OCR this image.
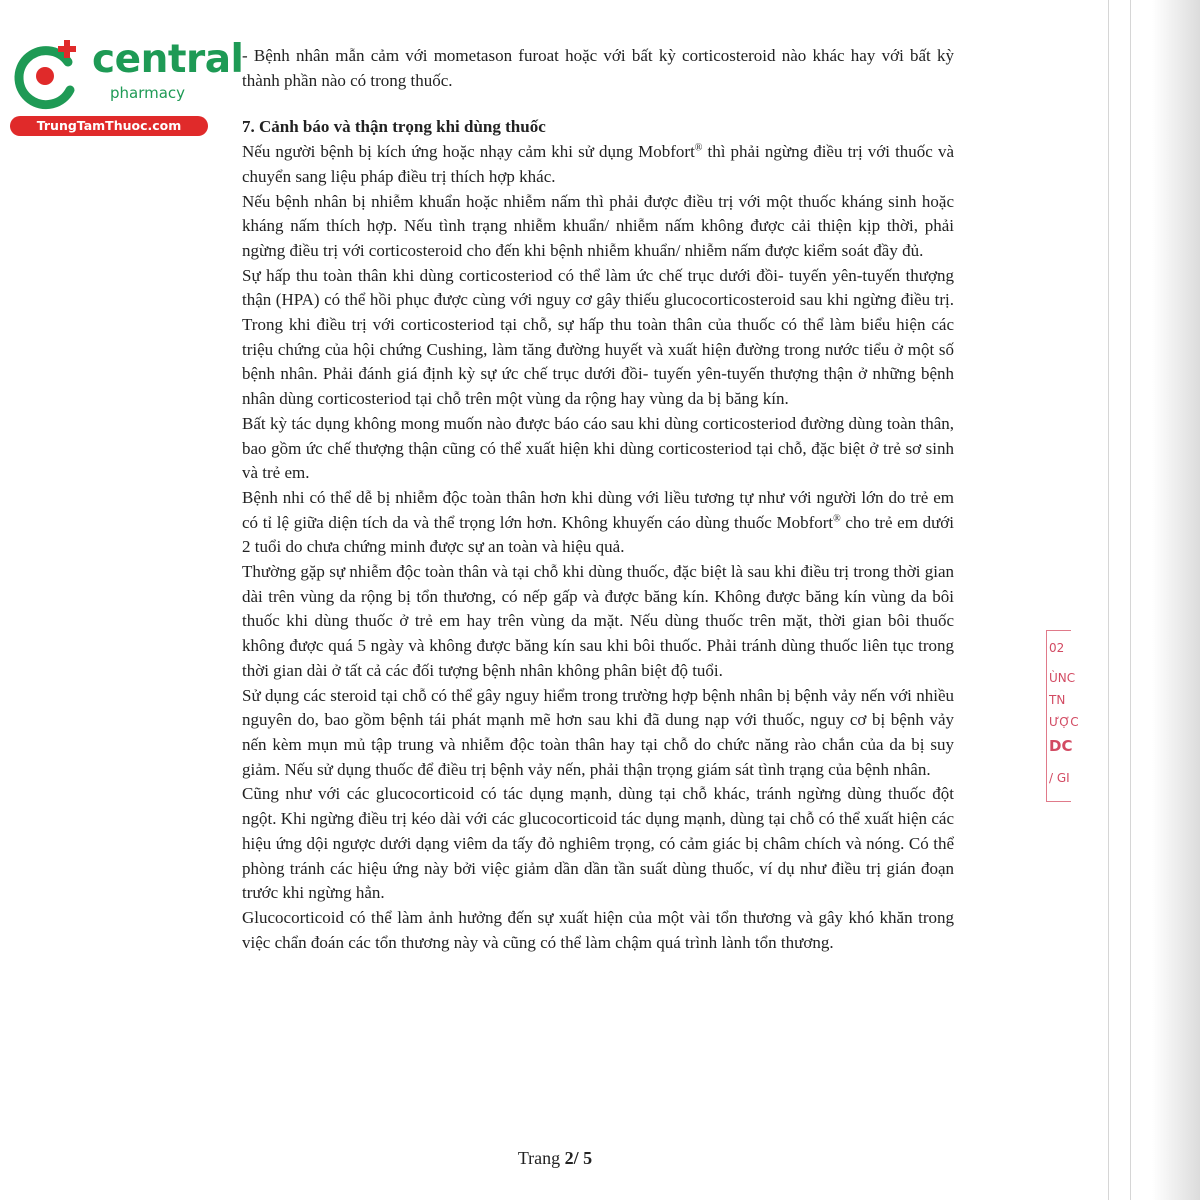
central
pharmacy
TrungTamThuoc.com

- Bệnh nhân mẫn cảm với mometason furoat hoặc với bất kỳ corticosteroid nào khác hay với bất kỳ thành phần nào có trong thuốc.

7. Cảnh báo và thận trọng khi dùng thuốc

Nếu người bệnh bị kích ứng hoặc nhạy cảm khi sử dụng Mobfort® thì phải ngừng điều trị với thuốc và chuyển sang liệu pháp điều trị thích hợp khác.

Nếu bệnh nhân bị nhiễm khuẩn hoặc nhiễm nấm thì phải được điều trị với một thuốc kháng sinh hoặc kháng nấm thích hợp. Nếu tình trạng nhiễm khuẩn/ nhiễm nấm không được cải thiện kịp thời, phải ngừng điều trị với corticosteroid cho đến khi bệnh nhiễm khuẩn/ nhiễm nấm được kiểm soát đầy đủ.

Sự hấp thu toàn thân khi dùng corticosteriod có thể làm ức chế trục dưới đồi- tuyến yên-tuyến thượng thận (HPA) có thể hồi phục được cùng với nguy cơ gây thiếu glucocorticosteroid sau khi ngừng điều trị. Trong khi điều trị với corticosteriod tại chỗ, sự hấp thu toàn thân của thuốc có thể làm biểu hiện các triệu chứng của hội chứng Cushing, làm tăng đường huyết và xuất hiện đường trong nước tiểu ở một số bệnh nhân. Phải đánh giá định kỳ sự ức chế trục dưới đồi- tuyến yên-tuyến thượng thận ở những bệnh nhân dùng corticosteriod tại chỗ trên một vùng da rộng hay vùng da bị băng kín.

Bất kỳ tác dụng không mong muốn nào được báo cáo sau khi dùng corticosteriod đường dùng toàn thân, bao gồm ức chế thượng thận cũng có thể xuất hiện khi dùng corticosteriod tại chỗ, đặc biệt ở trẻ sơ sinh và trẻ em.

Bệnh nhi có thể dễ bị nhiễm độc toàn thân hơn khi dùng với liều tương tự như với người lớn do trẻ em có tỉ lệ giữa diện tích da và thể trọng lớn hơn. Không khuyến cáo dùng thuốc Mobfort® cho trẻ em dưới 2 tuổi do chưa chứng minh được sự an toàn và hiệu quả.

Thường gặp sự nhiễm độc toàn thân và tại chỗ khi dùng thuốc, đặc biệt là sau khi điều trị trong thời gian dài trên vùng da rộng bị tổn thương, có nếp gấp và được băng kín. Không được băng kín vùng da bôi thuốc khi dùng thuốc ở trẻ em hay trên vùng da mặt. Nếu dùng thuốc trên mặt, thời gian bôi thuốc không được quá 5 ngày và không được băng kín sau khi bôi thuốc. Phải tránh dùng thuốc liên tục trong thời gian dài ở tất cả các đối tượng bệnh nhân không phân biệt độ tuổi.

Sử dụng các steroid tại chỗ có thể gây nguy hiểm trong trường hợp bệnh nhân bị bệnh vảy nến với nhiều nguyên do, bao gồm bệnh tái phát mạnh mẽ hơn sau khi đã dung nạp với thuốc, nguy cơ bị bệnh vảy nến kèm mụn mủ tập trung và nhiễm độc toàn thân hay tại chỗ do chức năng rào chắn của da bị suy giảm. Nếu sử dụng thuốc để điều trị bệnh vảy nến, phải thận trọng giám sát tình trạng của bệnh nhân.

Cũng như với các glucocorticoid có tác dụng mạnh, dùng tại chỗ khác, tránh ngừng dùng thuốc đột ngột. Khi ngừng điều trị kéo dài với các glucocorticoid tác dụng mạnh, dùng tại chỗ có thể xuất hiện các hiệu ứng dội ngược dưới dạng viêm da tấy đỏ nghiêm trọng, có cảm giác bị châm chích và nóng. Có thể phòng tránh các hiệu ứng này bởi việc giảm dần dần tần suất dùng thuốc, ví dụ như điều trị gián đoạn trước khi ngừng hẳn.

Glucocorticoid có thể làm ảnh hưởng đến sự xuất hiện của một vài tổn thương và gây khó khăn trong việc chẩn đoán các tổn thương này và cũng có thể làm chậm quá trình lành tổn thương.

02
ÙNC
TN
ƯỢC
DC
/ GI
Trang 2/ 5
